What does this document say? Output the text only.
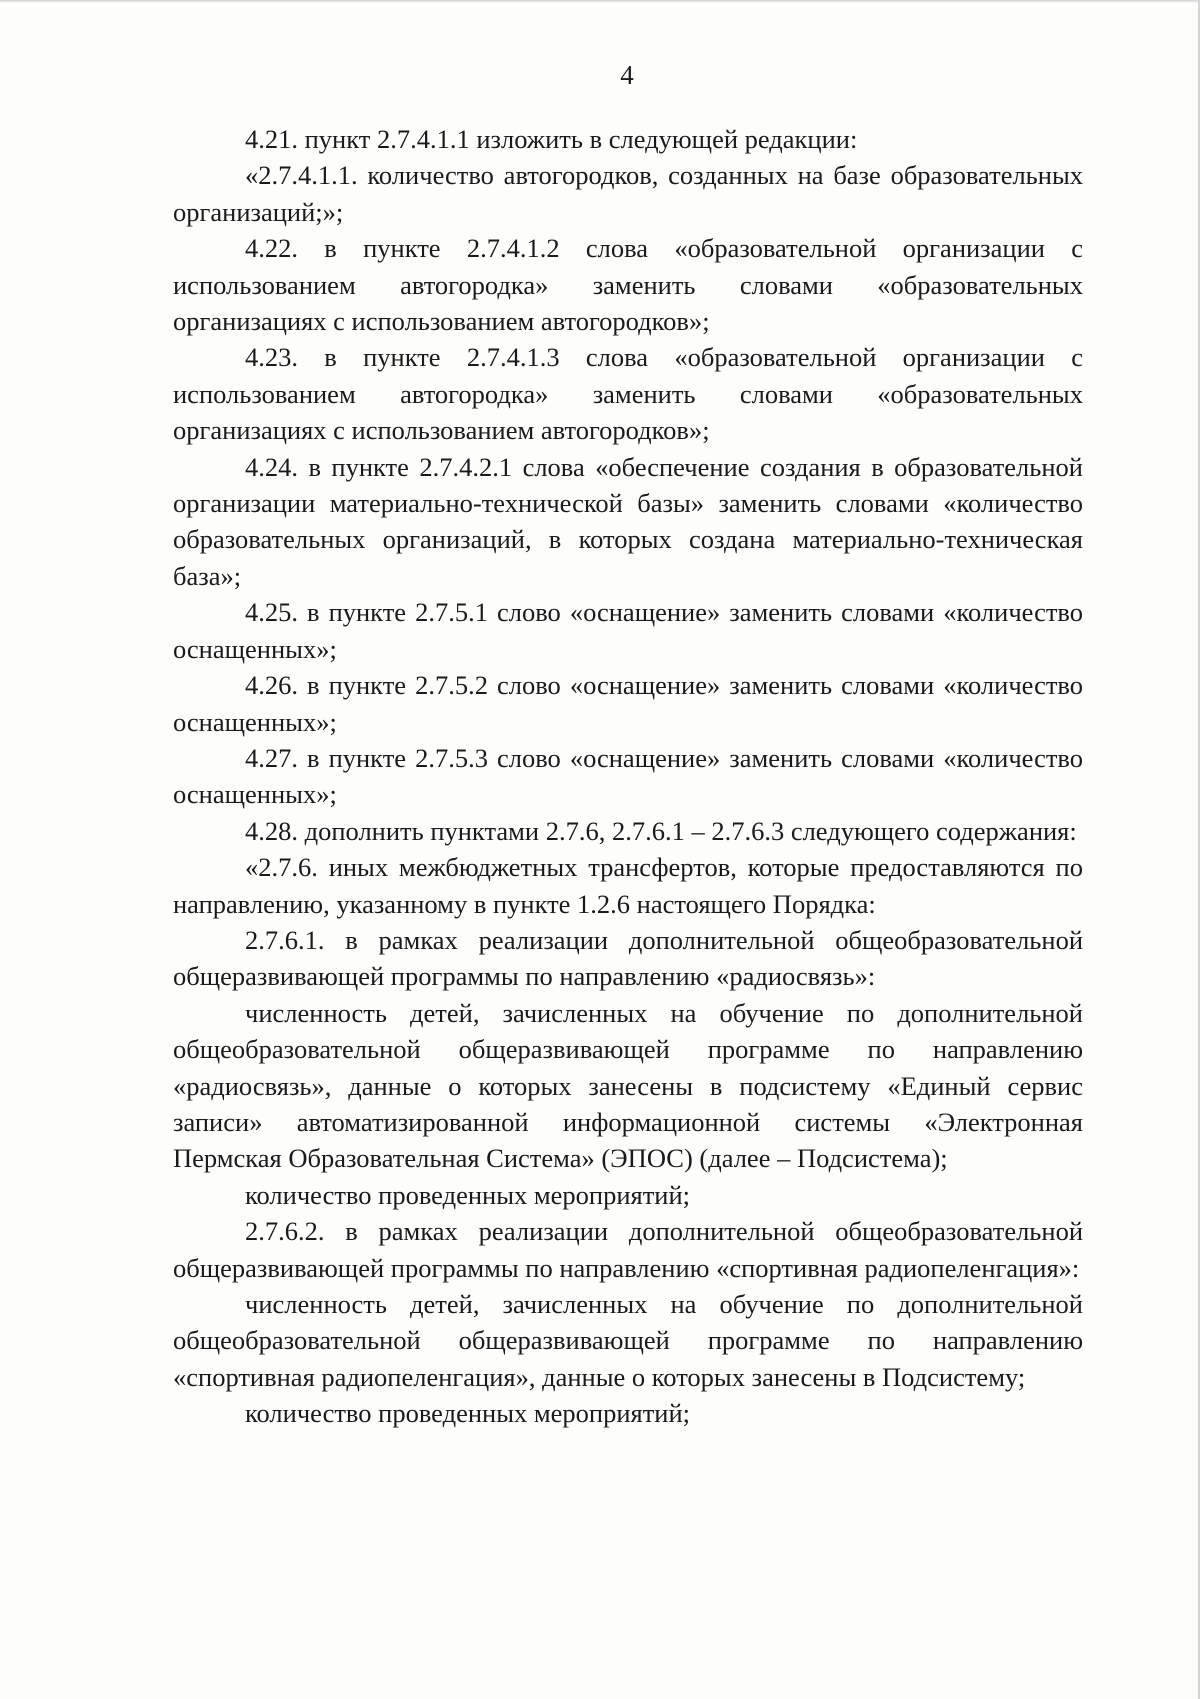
4

4.21. пункт 2.7.4.1.1 изложить в следующей редакции:

«2.7.4.1.1. количество автогородков, созданных на базе образовательных организаций;»;

4.22. в пункте 2.7.4.1.2 слова «образовательной организации с использованием автогородка» заменить словами «образовательных организациях с использованием автогородков»;

4.23. в пункте 2.7.4.1.3 слова «образовательной организации с использованием автогородка» заменить словами «образовательных организациях с использованием автогородков»;

4.24. в пункте 2.7.4.2.1 слова «обеспечение создания в образовательной организации материально-технической базы» заменить словами «количество образовательных организаций, в которых создана материально-техническая база»;

4.25. в пункте 2.7.5.1 слово «оснащение» заменить словами «количество оснащенных»;

4.26. в пункте 2.7.5.2 слово «оснащение» заменить словами «количество оснащенных»;

4.27. в пункте 2.7.5.3 слово «оснащение» заменить словами «количество оснащенных»;

4.28. дополнить пунктами 2.7.6, 2.7.6.1 – 2.7.6.3 следующего содержания:

«2.7.6. иных межбюджетных трансфертов, которые предоставляются по направлению, указанному в пункте 1.2.6 настоящего Порядка:

2.7.6.1. в рамках реализации дополнительной общеобразовательной общеразвивающей программы по направлению «радиосвязь»:

численность детей, зачисленных на обучение по дополнительной общеобразовательной общеразвивающей программе по направлению «радиосвязь», данные о которых занесены в подсистему «Единый сервис записи» автоматизированной информационной системы «Электронная Пермская Образовательная Система» (ЭПОС) (далее – Подсистема);

количество проведенных мероприятий;

2.7.6.2. в рамках реализации дополнительной общеобразовательной общеразвивающей программы по направлению «спортивная радиопеленгация»:

численность детей, зачисленных на обучение по дополнительной общеобразовательной общеразвивающей программе по направлению «спортивная радиопеленгация», данные о которых занесены в Подсистему;

количество проведенных мероприятий;
